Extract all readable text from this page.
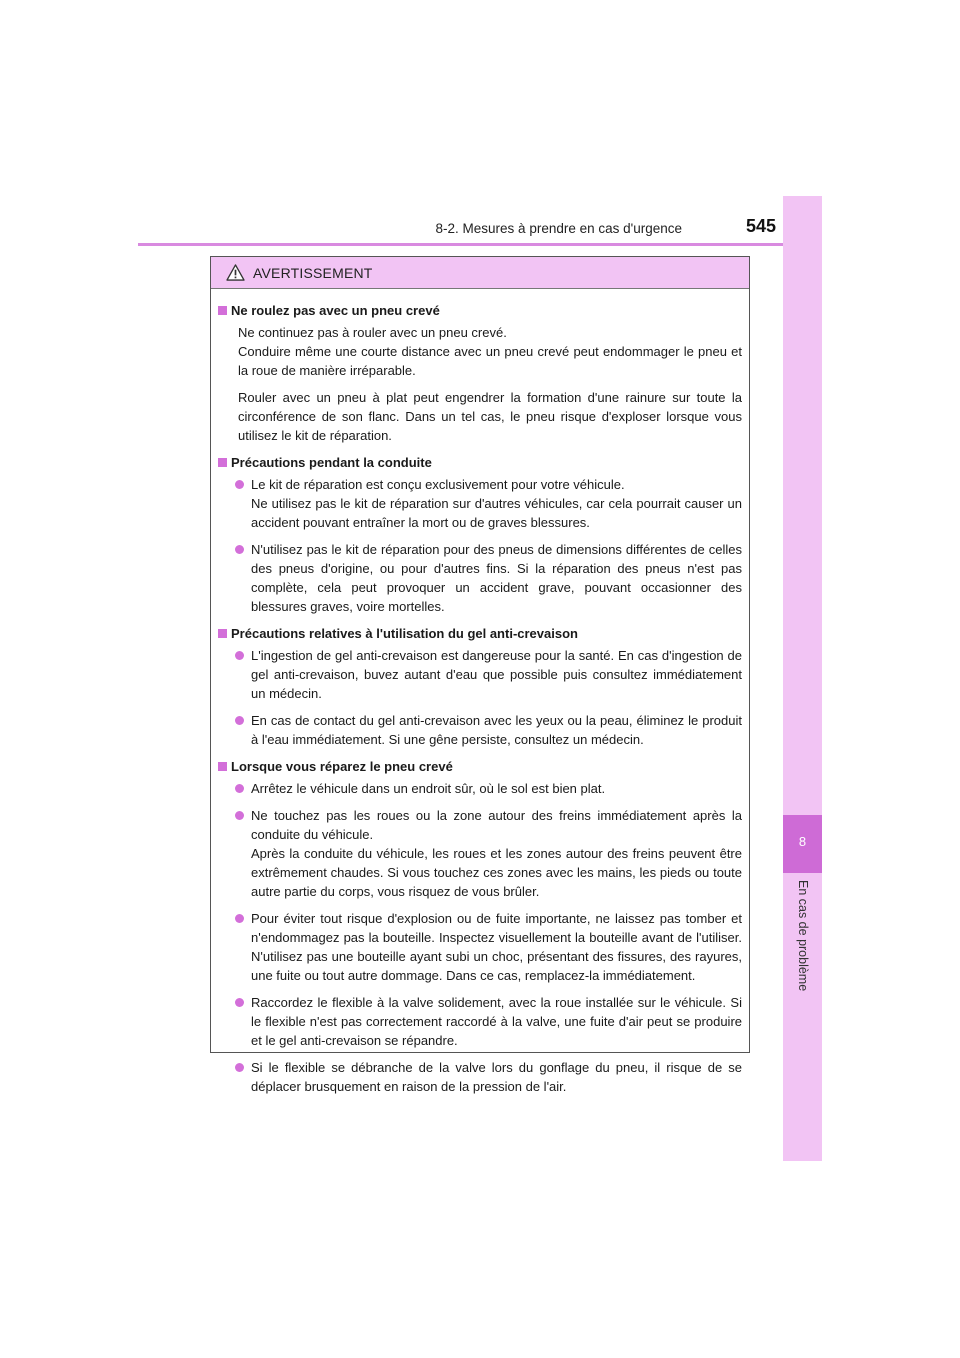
8-2. Mesures à prendre en cas d'urgence	545
8
En cas de problème
AVERTISSEMENT
Ne roulez pas avec un pneu crevé
Ne continuez pas à rouler avec un pneu crevé.
Conduire même une courte distance avec un pneu crevé peut endommager le pneu et la roue de manière irréparable.
Rouler avec un pneu à plat peut engendrer la formation d'une rainure sur toute la circonférence de son flanc. Dans un tel cas, le pneu risque d'exploser lorsque vous utilisez le kit de réparation.
Précautions pendant la conduite
Le kit de réparation est conçu exclusivement pour votre véhicule.
Ne utilisez pas le kit de réparation sur d'autres véhicules, car cela pourrait causer un accident pouvant entraîner la mort ou de graves blessures.
N'utilisez pas le kit de réparation pour des pneus de dimensions différentes de celles des pneus d'origine, ou pour d'autres fins. Si la réparation des pneus n'est pas complète, cela peut provoquer un accident grave, pouvant occasionner des blessures graves, voire mortelles.
Précautions relatives à l'utilisation du gel anti-crevaison
L'ingestion de gel anti-crevaison est dangereuse pour la santé. En cas d'ingestion de gel anti-crevaison, buvez autant d'eau que possible puis consultez immédiatement un médecin.
En cas de contact du gel anti-crevaison avec les yeux ou la peau, éliminez le produit à l'eau immédiatement. Si une gêne persiste, consultez un médecin.
Lorsque vous réparez le pneu crevé
Arrêtez le véhicule dans un endroit sûr, où le sol est bien plat.
Ne touchez pas les roues ou la zone autour des freins immédiatement après la conduite du véhicule.
Après la conduite du véhicule, les roues et les zones autour des freins peuvent être extrêmement chaudes. Si vous touchez ces zones avec les mains, les pieds ou toute autre partie du corps, vous risquez de vous brûler.
Pour éviter tout risque d'explosion ou de fuite importante, ne laissez pas tomber et n'endommagez pas la bouteille. Inspectez visuellement la bouteille avant de l'utiliser. N'utilisez pas une bouteille ayant subi un choc, présentant des fissures, des rayures, une fuite ou tout autre dommage. Dans ce cas, remplacez-la immédiatement.
Raccordez le flexible à la valve solidement, avec la roue installée sur le véhicule. Si le flexible n'est pas correctement raccordé à la valve, une fuite d'air peut se produire et le gel anti-crevaison se répandre.
Si le flexible se débranche de la valve lors du gonflage du pneu, il risque de se déplacer brusquement en raison de la pression de l'air.
